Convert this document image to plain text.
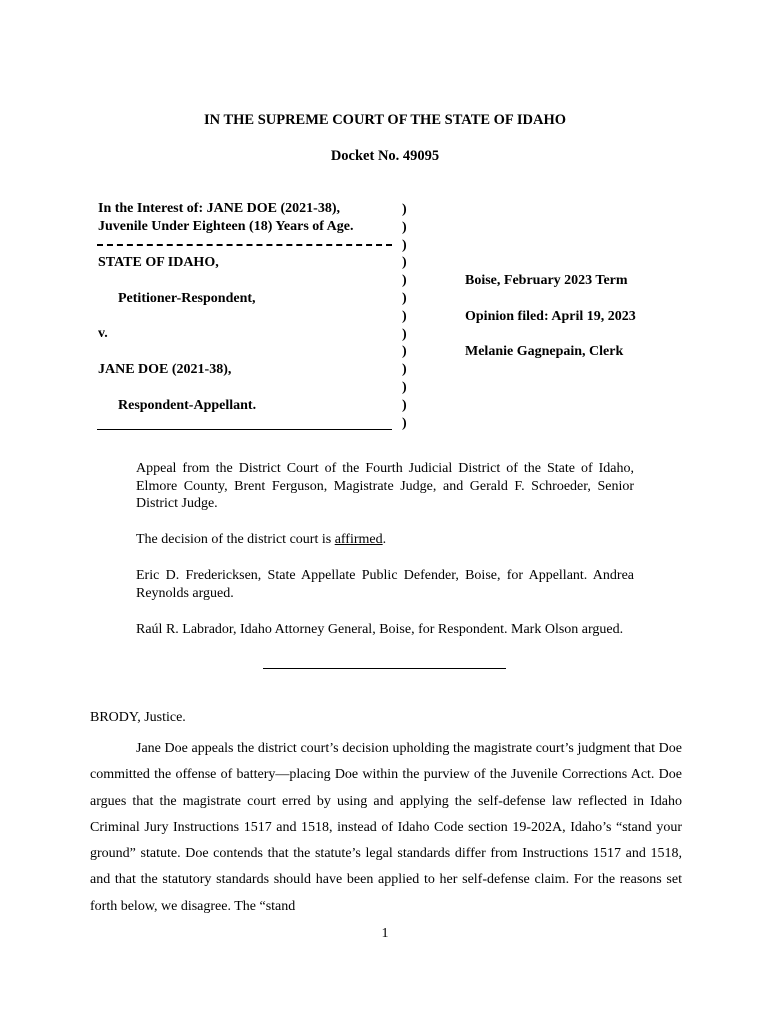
IN THE SUPREME COURT OF THE STATE OF IDAHO
Docket No. 49095
In the Interest of: JANE DOE (2021-38),
Juvenile Under Eighteen (18) Years of Age.
STATE OF IDAHO,
Petitioner-Respondent,
v.
JANE DOE (2021-38),
Respondent-Appellant.
)
)
)
)
)
)
)
)
)
)
)
)
)
Boise, February 2023 Term
Opinion filed: April 19, 2023
Melanie Gagnepain, Clerk
Appeal from the District Court of the Fourth Judicial District of the State of Idaho, Elmore County, Brent Ferguson, Magistrate Judge, and Gerald F. Schroeder, Senior District Judge.
The decision of the district court is affirmed.
Eric D. Fredericksen, State Appellate Public Defender, Boise, for Appellant. Andrea Reynolds argued.
Raúl R. Labrador, Idaho Attorney General, Boise, for Respondent. Mark Olson argued.
BRODY, Justice.
Jane Doe appeals the district court’s decision upholding the magistrate court’s judgment that Doe committed the offense of battery—placing Doe within the purview of the Juvenile Corrections Act. Doe argues that the magistrate court erred by using and applying the self-defense law reflected in Idaho Criminal Jury Instructions 1517 and 1518, instead of Idaho Code section 19-202A, Idaho’s “stand your ground” statute. Doe contends that the statute’s legal standards differ from Instructions 1517 and 1518, and that the statutory standards should have been applied to her self-defense claim. For the reasons set forth below, we disagree. The “stand
1
